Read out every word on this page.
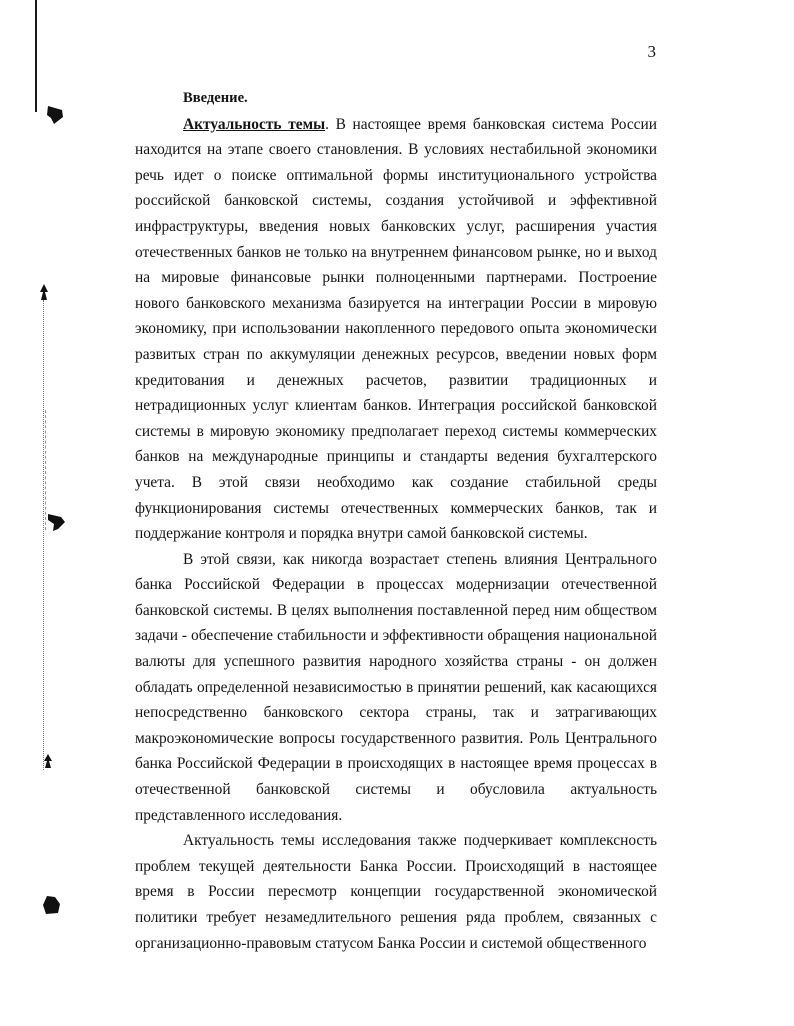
3
Введение.

Актуальность темы. В настоящее время банковская система России находится на этапе своего становления. В условиях нестабильной экономики речь идет о поиске оптимальной формы институционального устройства российской банковской системы, создания устойчивой и эффективной инфраструктуры, введения новых банковских услуг, расширения участия отечественных банков не только на внутреннем финансовом рынке, но и выход на мировые финансовые рынки полноценными партнерами. Построение нового банковского механизма базируется на интеграции России в мировую экономику, при использовании накопленного передового опыта экономически развитых стран по аккумуляции денежных ресурсов, введении новых форм кредитования и денежных расчетов, развитии традиционных и нетрадиционных услуг клиентам банков. Интеграция российской банковской системы в мировую экономику предполагает переход системы коммерческих банков на международные принципы и стандарты ведения бухгалтерского учета. В этой связи необходимо как создание стабильной среды функционирования системы отечественных коммерческих банков, так и поддержание контроля и порядка внутри самой банковской системы.

В этой связи, как никогда возрастает степень влияния Центрального банка Российской Федерации в процессах модернизации отечественной банковской системы. В целях выполнения поставленной перед ним обществом задачи - обеспечение стабильности и эффективности обращения национальной валюты для успешного развития народного хозяйства страны - он должен обладать определенной независимостью в принятии решений, как касающихся непосредственно банковского сектора страны, так и затрагивающих макроэкономические вопросы государственного развития. Роль Центрального банка Российской Федерации в происходящих в настоящее время процессах в отечественной банковской системы и обусловила актуальность представленного исследования.

Актуальность темы исследования также подчеркивает комплексность проблем текущей деятельности Банка России. Происходящий в настоящее время в России пересмотр концепции государственной экономической политики требует незамедлительного решения ряда проблем, связанных с организационно-правовым статусом Банка России и системой общественного
